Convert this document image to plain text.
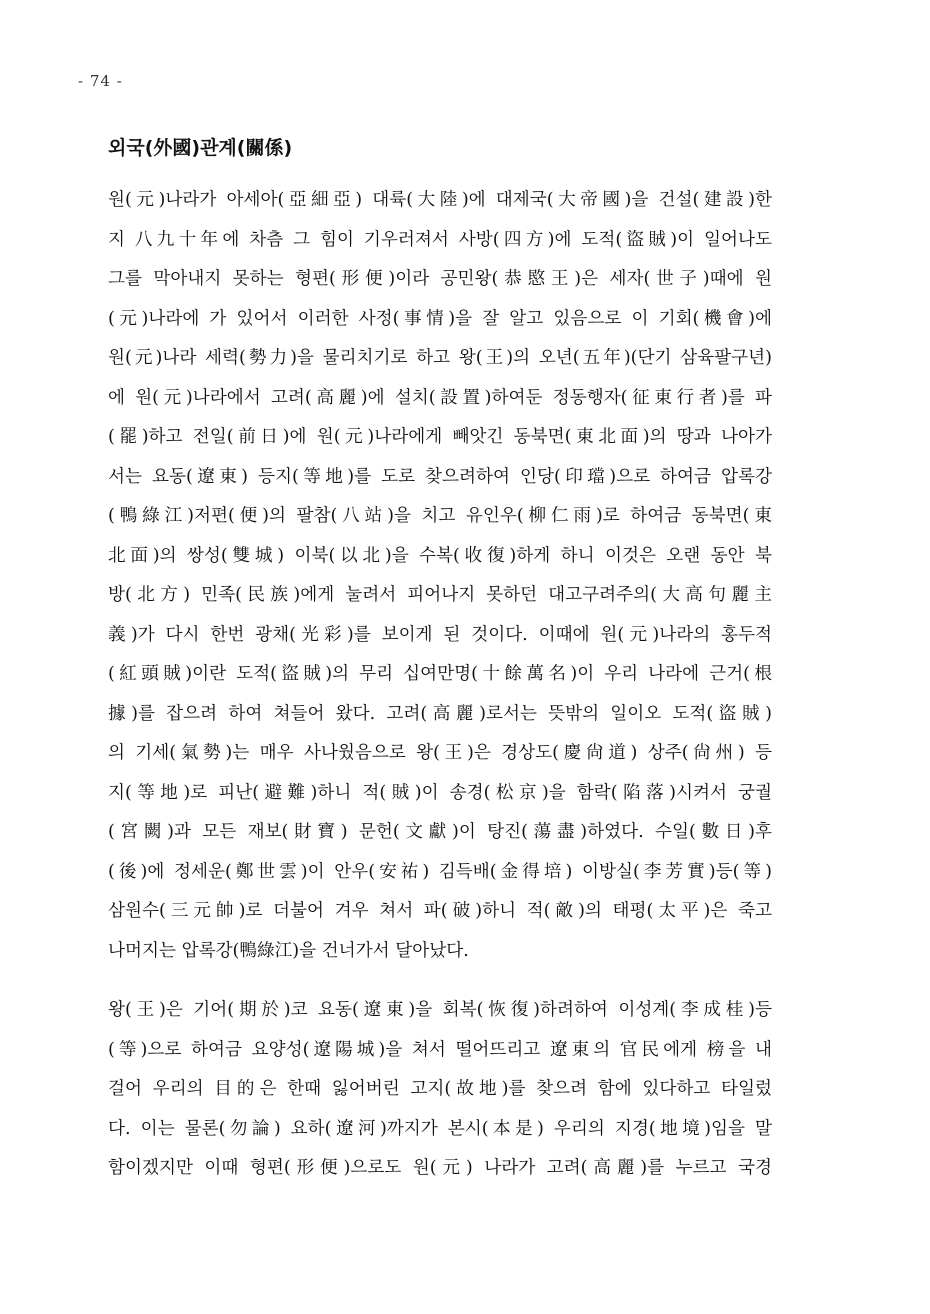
- 74 -
외국(外國)관계(關係)
원(元)나라가 아세아(亞細亞) 대륙(大陸)에 대제국(大帝國)을 건설(建設)한
지 八九十年에 차츰 그 힘이 기우러져서 사방(四方)에 도적(盜賊)이 일어나도
그를 막아내지 못하는 형편(形便)이라 공민왕(恭愍王)은 세자(世子)때에 원
(元)나라에 가 있어서 이러한 사정(事情)을 잘 알고 있음으로 이 기회(機會)에
원(元)나라 세력(勢力)을 물리치기로 하고 왕(王)의 오년(五年)(단기 삼육팔구년)
에 원(元)나라에서 고려(高麗)에 설치(設置)하여둔 정동행자(征東行者)를 파
(罷)하고 전일(前日)에 원(元)나라에게 빼앗긴 동북면(東北面)의 땅과 나아가
서는 요동(遼東) 등지(等地)를 도로 찾으려하여 인당(印璫)으로 하여금 압록강
(鴨綠江)저편(便)의 팔참(八站)을 치고 유인우(柳仁雨)로 하여금 동북면(東
北面)의 쌍성(雙城) 이북(以北)을 수복(收復)하게 하니 이것은 오랜 동안 북
방(北方) 민족(民族)에게 눌려서 피어나지 못하던 대고구려주의(大高句麗主
義)가 다시 한번 광채(光彩)를 보이게 된 것이다. 이때에 원(元)나라의 홍두적
(紅頭賊)이란 도적(盜賊)의 무리 십여만명(十餘萬名)이 우리 나라에 근거(根
據)를 잡으려 하여 쳐들어 왔다. 고려(高麗)로서는 뜻밖의 일이오 도적(盜賊)
의 기세(氣勢)는 매우 사나웠음으로 왕(王)은 경상도(慶尙道) 상주(尙州) 등
지(等地)로 피난(避難)하니 적(賊)이 송경(松京)을 함락(陷落)시켜서 궁궐
(宮闕)과 모든 재보(財寶) 문헌(文獻)이 탕진(蕩盡)하였다. 수일(數日)후
(後)에 정세운(鄭世雲)이 안우(安祐) 김득배(金得培) 이방실(李芳實)등(等)
삼원수(三元帥)로 더불어 겨우 쳐서 파(破)하니 적(敵)의 태평(太平)은 죽고
나머지는 압록강(鴨綠江)을 건너가서 달아났다.
왕(王)은 기어(期於)코 요동(遼東)을 회복(恢復)하려하여 이성계(李成桂)등
(等)으로 하여금 요양성(遼陽城)을 쳐서 떨어뜨리고 遼東의 官民에게 榜을 내
걸어 우리의 目的은 한때 잃어버린 고지(故地)를 찾으려 함에 있다하고 타일렀
다. 이는 물론(勿論) 요하(遼河)까지가 본시(本是) 우리의 지경(地境)임을 말
함이겠지만 이때 형편(形便)으로도 원(元) 나라가 고려(高麗)를 누르고 국경
